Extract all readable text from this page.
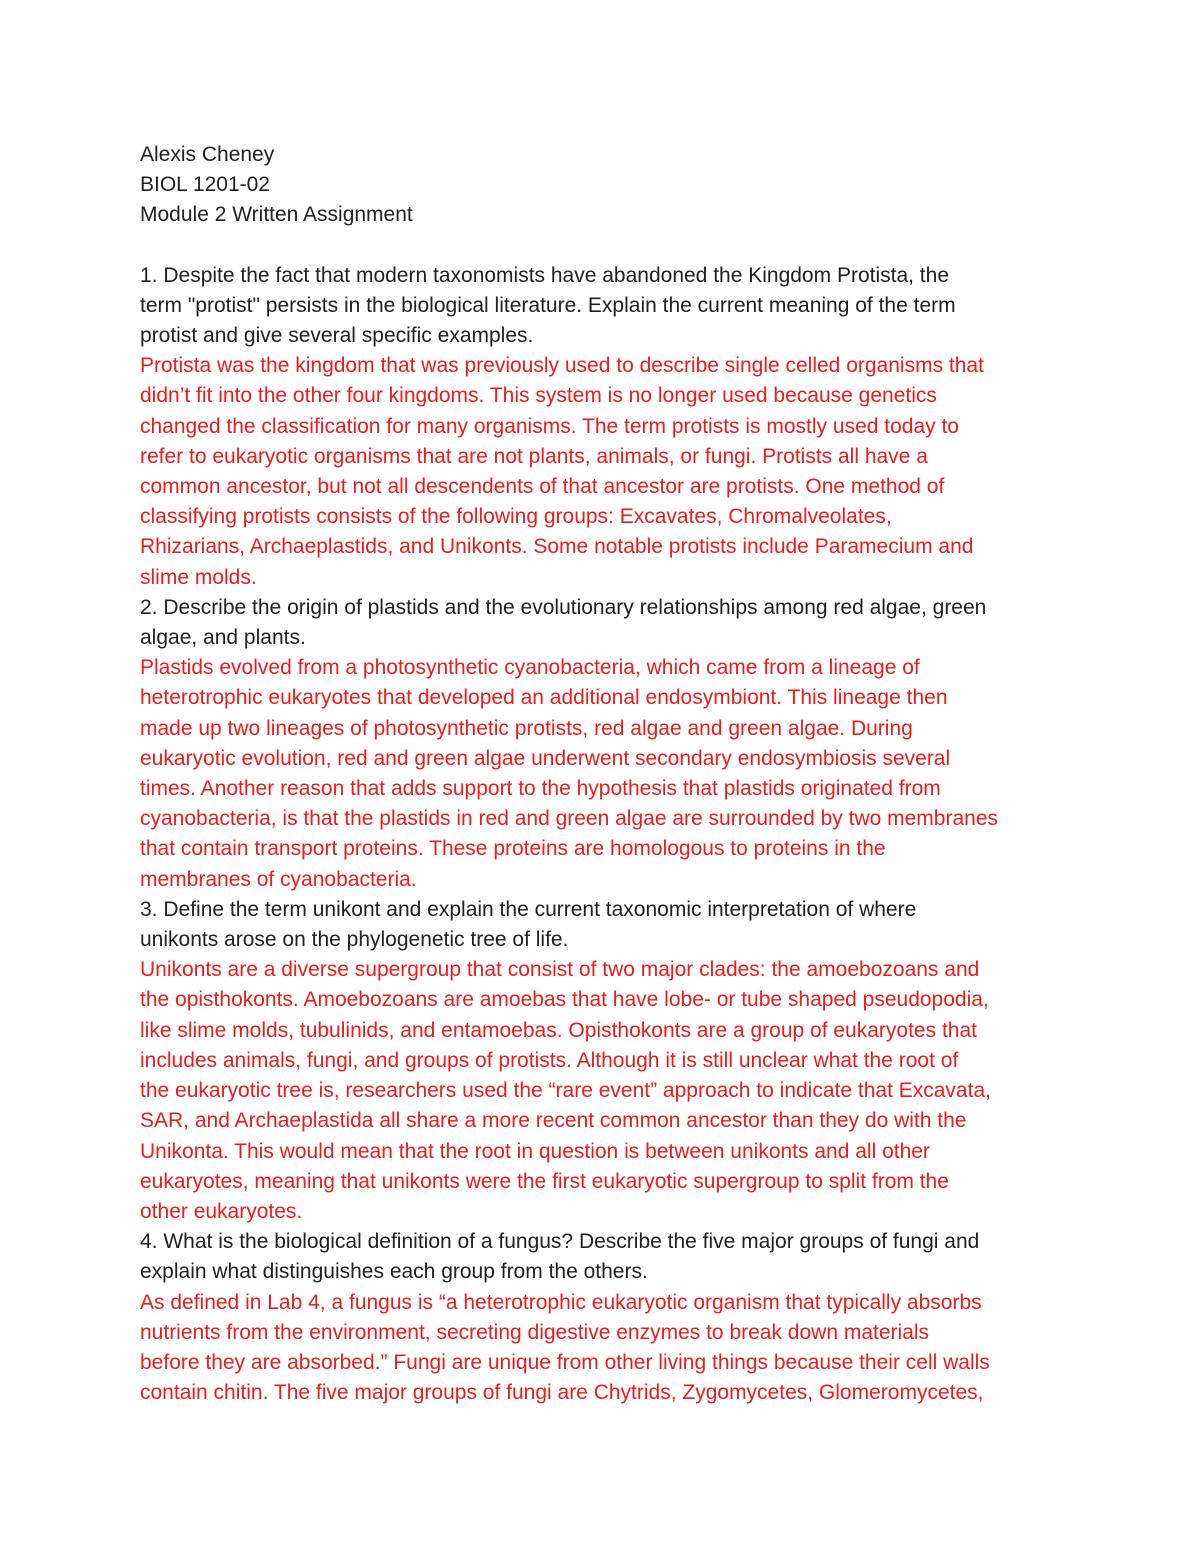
Alexis Cheney
BIOL 1201-02
Module 2 Written Assignment
1. Despite the fact that modern taxonomists have abandoned the Kingdom Protista, the
term "protist" persists in the biological literature. Explain the current meaning of the term
protist and give several specific examples.
Protista was the kingdom that was previously used to describe single celled organisms that
didn’t fit into the other four kingdoms. This system is no longer used because genetics
changed the classification for many organisms. The term protists is mostly used today to
refer to eukaryotic organisms that are not plants, animals, or fungi. Protists all have a
common ancestor, but not all descendents of that ancestor are protists. One method of
classifying protists consists of the following groups: Excavates, Chromalveolates,
Rhizarians, Archaeplastids, and Unikonts. Some notable protists include Paramecium and
slime molds.
2. Describe the origin of plastids and the evolutionary relationships among red algae, green
algae, and plants.
Plastids evolved from a photosynthetic cyanobacteria, which came from a lineage of
heterotrophic eukaryotes that developed an additional endosymbiont. This lineage then
made up two lineages of photosynthetic protists, red algae and green algae. During
eukaryotic evolution, red and green algae underwent secondary endosymbiosis several
times. Another reason that adds support to the hypothesis that plastids originated from
cyanobacteria, is that the plastids in red and green algae are surrounded by two membranes
that contain transport proteins. These proteins are homologous to proteins in the
membranes of cyanobacteria.
3. Define the term unikont and explain the current taxonomic interpretation of where
unikonts arose on the phylogenetic tree of life.
Unikonts are a diverse supergroup that consist of two major clades: the amoebozoans and
the opisthokonts. Amoebozoans are amoebas that have lobe- or tube shaped pseudopodia,
like slime molds, tubulinids, and entamoebas. Opisthokonts are a group of eukaryotes that
includes animals, fungi, and groups of protists. Although it is still unclear what the root of
the eukaryotic tree is, researchers used the “rare event” approach to indicate that Excavata,
SAR, and Archaeplastida all share a more recent common ancestor than they do with the
Unikonta. This would mean that the root in question is between unikonts and all other
eukaryotes, meaning that unikonts were the first eukaryotic supergroup to split from the
other eukaryotes.
4. What is the biological definition of a fungus? Describe the five major groups of fungi and
explain what distinguishes each group from the others.
As defined in Lab 4, a fungus is “a heterotrophic eukaryotic organism that typically absorbs
nutrients from the environment, secreting digestive enzymes to break down materials
before they are absorbed.” Fungi are unique from other living things because their cell walls
contain chitin. The five major groups of fungi are Chytrids, Zygomycetes, Glomeromycetes,
